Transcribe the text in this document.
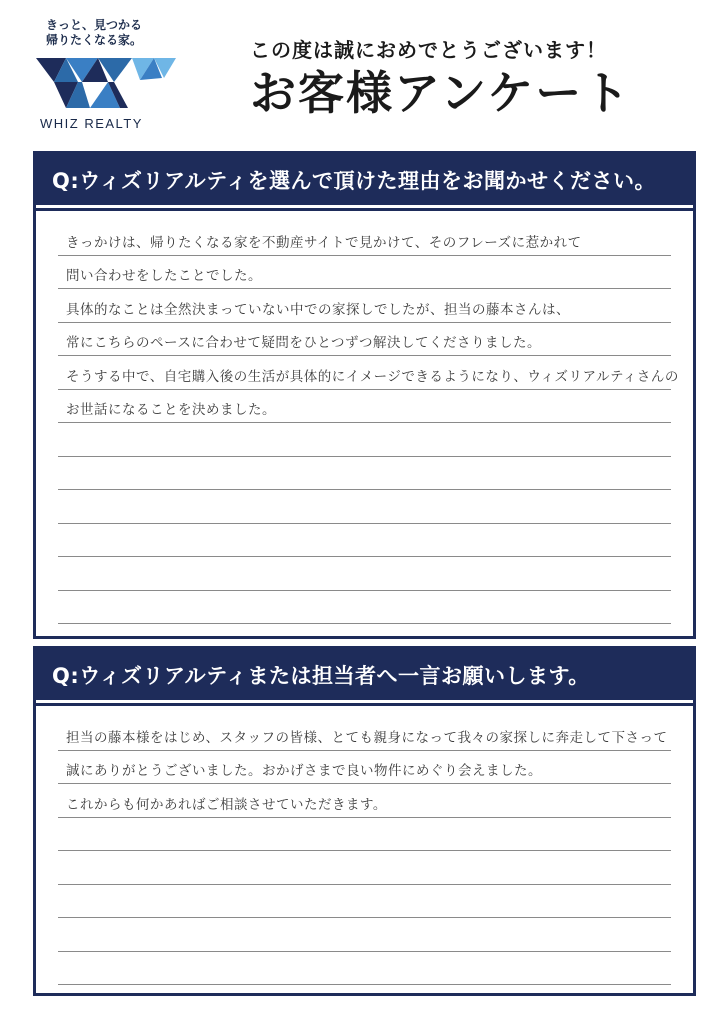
きっと、見つかる
帰りたくなる家。
WHIZ REALTY
この度は誠におめでとうございます！
お客様アンケート
Q:ウィズリアルティを選んで頂けた理由をお聞かせください。
きっかけは、帰りたくなる家を不動産サイトで見かけて、そのフレーズに惹かれて
問い合わせをしたことでした。
具体的なことは全然決まっていない中での家探しでしたが、担当の藤本さんは、
常にこちらのペースに合わせて疑問をひとつずつ解決してくださりました。
そうする中で、自宅購入後の生活が具体的にイメージできるようになり、ウィズリアルティさんの
お世話になることを決めました。
Q:ウィズリアルティまたは担当者へ一言お願いします。
担当の藤本様をはじめ、スタッフの皆様、とても親身になって我々の家探しに奔走して下さって
誠にありがとうございました。おかげさまで良い物件にめぐり会えました。
これからも何かあればご相談させていただきます。
